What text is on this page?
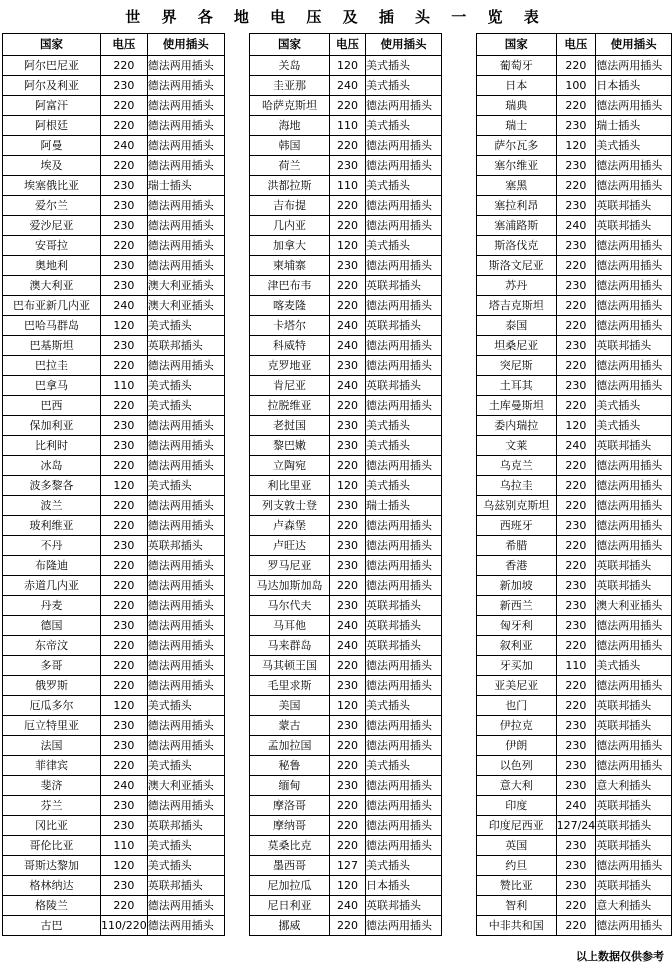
世 界 各 地 电 压 及 插 头 一 览 表
国家	电压	使用插头
阿尔巴尼亚	220	德法两用插头
阿尔及利亚	230	德法两用插头
阿富汗	220	德法两用插头
阿根廷	220	德法两用插头
阿曼	240	德法两用插头
埃及	220	德法两用插头
埃塞俄比亚	230	瑞士插头
爱尔兰	230	德法两用插头
爱沙尼亚	230	德法两用插头
安哥拉	220	德法两用插头
奥地利	230	德法两用插头
澳大利亚	230	澳大利亚插头
巴布亚新几内亚	240	澳大利亚插头
巴哈马群岛	120	美式插头
巴基斯坦	230	英联邦插头
巴拉圭	220	德法两用插头
巴拿马	110	美式插头
巴西	220	美式插头
保加利亚	230	德法两用插头
比利时	230	德法两用插头
冰岛	220	德法两用插头
波多黎各	120	美式插头
波兰	220	德法两用插头
玻利维亚	220	德法两用插头
不丹	230	英联邦插头
布隆迪	220	德法两用插头
赤道几内亚	220	德法两用插头
丹麦	220	德法两用插头
德国	230	德法两用插头
东帝汶	220	德法两用插头
多哥	220	德法两用插头
俄罗斯	220	德法两用插头
厄瓜多尔	120	美式插头
厄立特里亚	230	德法两用插头
法国	230	德法两用插头
菲律宾	220	美式插头
斐济	240	澳大利亚插头
芬兰	230	德法两用插头
冈比亚	230	英联邦插头
哥伦比亚	110	美式插头
哥斯达黎加	120	美式插头
格林纳达	230	英联邦插头
格陵兰	220	德法两用插头
古巴	110/220	德法两用插头
国家	电压	使用插头
关岛	120	美式插头
圭亚那	240	美式插头
哈萨克斯坦	220	德法两用插头
海地	110	美式插头
韩国	220	德法两用插头
荷兰	230	德法两用插头
洪都拉斯	110	美式插头
吉布提	220	德法两用插头
几内亚	220	德法两用插头
加拿大	120	美式插头
柬埔寨	230	德法两用插头
津巴布韦	220	英联邦插头
喀麦隆	220	德法两用插头
卡塔尔	240	英联邦插头
科威特	240	德法两用插头
克罗地亚	230	德法两用插头
肯尼亚	240	英联邦插头
拉脱维亚	220	德法两用插头
老挝国	230	美式插头
黎巴嫩	230	美式插头
立陶宛	220	德法两用插头
利比里亚	120	美式插头
列支敦士登	230	瑞士插头
卢森堡	220	德法两用插头
卢旺达	230	德法两用插头
罗马尼亚	230	德法两用插头
马达加斯加岛	220	德法两用插头
马尔代夫	230	英联邦插头
马耳他	240	英联邦插头
马来群岛	240	英联邦插头
马其顿王国	220	德法两用插头
毛里求斯	230	德法两用插头
美国	120	美式插头
蒙古	230	德法两用插头
孟加拉国	220	德法两用插头
秘鲁	220	美式插头
缅甸	230	德法两用插头
摩洛哥	220	德法两用插头
摩纳哥	220	德法两用插头
莫桑比克	220	德法两用插头
墨西哥	127	美式插头
尼加拉瓜	120	日本插头
尼日利亚	240	英联邦插头
挪威	220	德法两用插头
国家	电压	使用插头
葡萄牙	220	德法两用插头
日本	100	日本插头
瑞典	220	德法两用插头
瑞士	230	瑞士插头
萨尔瓦多	120	美式插头
塞尔维亚	230	德法两用插头
塞黑	220	德法两用插头
塞拉利昂	230	英联邦插头
塞浦路斯	240	英联邦插头
斯洛伐克	230	德法两用插头
斯洛文尼亚	220	德法两用插头
苏丹	230	德法两用插头
塔吉克斯坦	220	德法两用插头
泰国	220	德法两用插头
坦桑尼亚	230	英联邦插头
突尼斯	220	德法两用插头
土耳其	230	德法两用插头
土库曼斯坦	220	美式插头
委内瑞拉	120	美式插头
文莱	240	英联邦插头
乌克兰	220	德法两用插头
乌拉圭	220	德法两用插头
乌兹别克斯坦	220	德法两用插头
西班牙	230	德法两用插头
希腊	220	德法两用插头
香港	220	英联邦插头
新加坡	230	英联邦插头
新西兰	230	澳大利亚插头
匈牙利	230	德法两用插头
叙利亚	220	德法两用插头
牙买加	110	美式插头
亚美尼亚	220	德法两用插头
也门	220	英联邦插头
伊拉克	230	英联邦插头
伊朗	230	德法两用插头
以色列	230	德法两用插头
意大利	230	意大利插头
印度	240	英联邦插头
印度尼西亚	127/24	英联邦插头
英国	230	英联邦插头
约旦	230	德法两用插头
赞比亚	230	英联邦插头
智利	220	意大利插头
中非共和国	220	德法两用插头
以上数据仅供参考
